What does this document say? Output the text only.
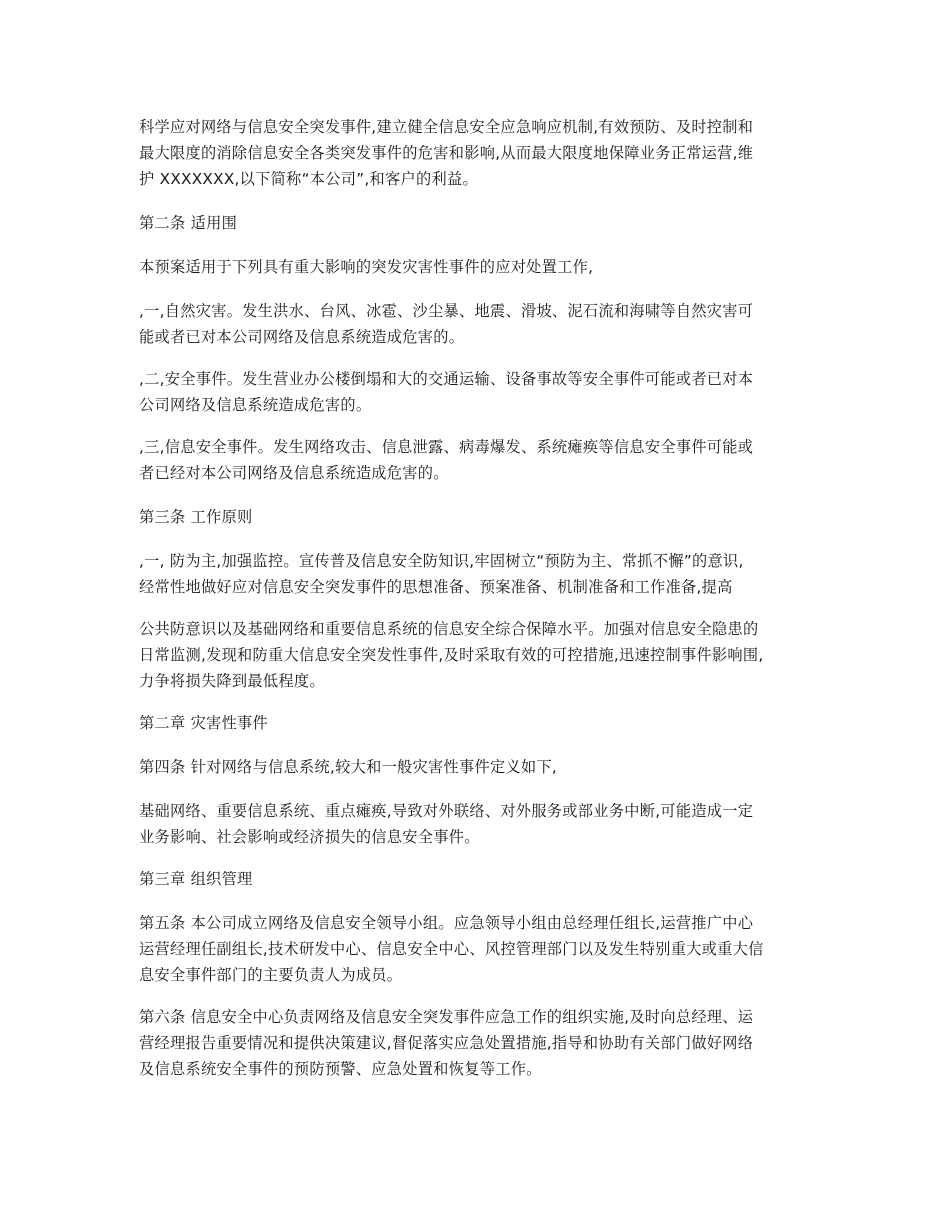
科学应对网络与信息安全突发事件,建立健全信息安全应急响应机制,有效预防、及时控制和
最大限度的消除信息安全各类突发事件的危害和影响,从而最大限度地保障业务正常运营,维
护 XXXXXXX,以下简称“本公司”,和客户的利益。

第二条 适用围

本预案适用于下列具有重大影响的突发灾害性事件的应对处置工作,

,一,自然灾害。发生洪水、台风、冰雹、沙尘暴、地震、滑坡、泥石流和海啸等自然灾害可
能或者已对本公司网络及信息系统造成危害的。

,二,安全事件。发生营业办公楼倒塌和大的交通运输、设备事故等安全事件可能或者已对本
公司网络及信息系统造成危害的。

,三,信息安全事件。发生网络攻击、信息泄露、病毒爆发、系统瘫痪等信息安全事件可能或
者已经对本公司网络及信息系统造成危害的。

第三条 工作原则

,一, 防为主,加强监控。宣传普及信息安全防知识,牢固树立“预防为主、常抓不懈”的意识,
经常性地做好应对信息安全突发事件的思想准备、预案准备、机制准备和工作准备,提高

公共防意识以及基础网络和重要信息系统的信息安全综合保障水平。加强对信息安全隐患的
日常监测,发现和防重大信息安全突发性事件,及时采取有效的可控措施,迅速控制事件影响围,
力争将损失降到最低程度。

第二章 灾害性事件

第四条 针对网络与信息系统,较大和一般灾害性事件定义如下,

基础网络、重要信息系统、重点瘫痪,导致对外联络、对外服务或部业务中断,可能造成一定
业务影响、社会影响或经济损失的信息安全事件。

第三章 组织管理

第五条 本公司成立网络及信息安全领导小组。应急领导小组由总经理任组长,运营推广中心
运营经理任副组长,技术研发中心、信息安全中心、风控管理部门以及发生特别重大或重大信
息安全事件部门的主要负责人为成员。

第六条 信息安全中心负责网络及信息安全突发事件应急工作的组织实施,及时向总经理、运
营经理报告重要情况和提供决策建议,督促落实应急处置措施,指导和协助有关部门做好网络
及信息系统安全事件的预防预警、应急处置和恢复等工作。
